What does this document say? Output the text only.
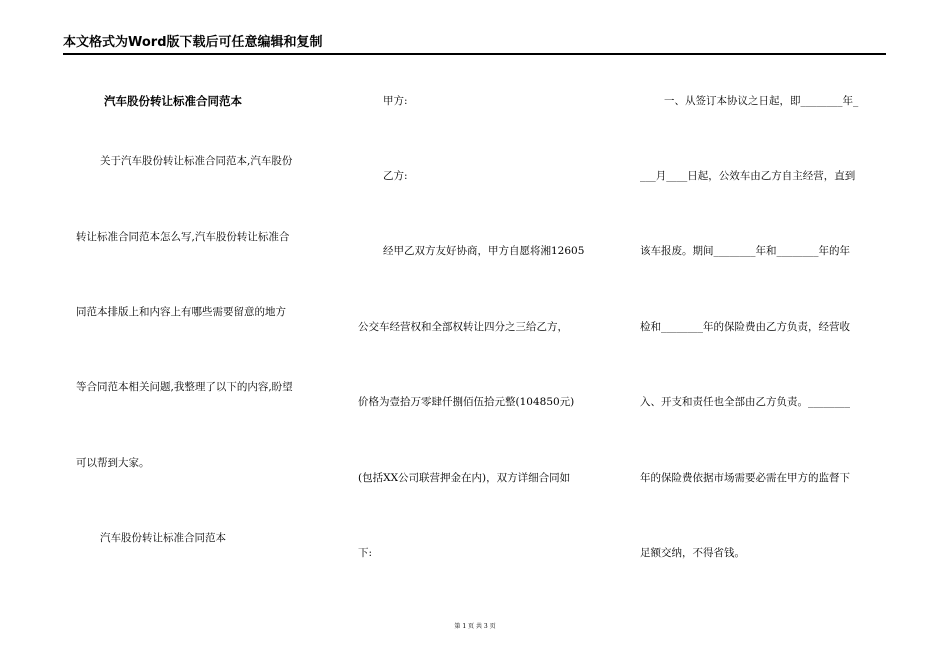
本文格式为Word版下载后可任意编辑和复制
汽车股份转让标准合同范本
关于汽车股份转让标准合同范本,汽车股份
转让标准合同范本怎么写,汽车股份转让标准合
同范本排版上和内容上有哪些需要留意的地方
等合同范本相关问题,我整理了以下的内容,盼望
可以帮到大家。
汽车股份转让标准合同范本
甲方:
乙方:
经甲乙双方友好协商，甲方自愿将湘12605
公交车经营权和全部权转让四分之三给乙方，
价格为壹拾万零肆仟捌佰伍拾元整(104850元)
(包括XX公司联营押金在内)，双方详细合同如
下:
一、从签订本协议之日起，即________年_
___月____日起，公效车由乙方自主经营，直到
该车报废。期间________年和________年的年
检和________年的保险费由乙方负责，经营收
入、开支和责任也全部由乙方负责。________
年的保险费依据市场需要必需在甲方的监督下
足额交纳，不得省钱。
第 1 页 共 3 页
